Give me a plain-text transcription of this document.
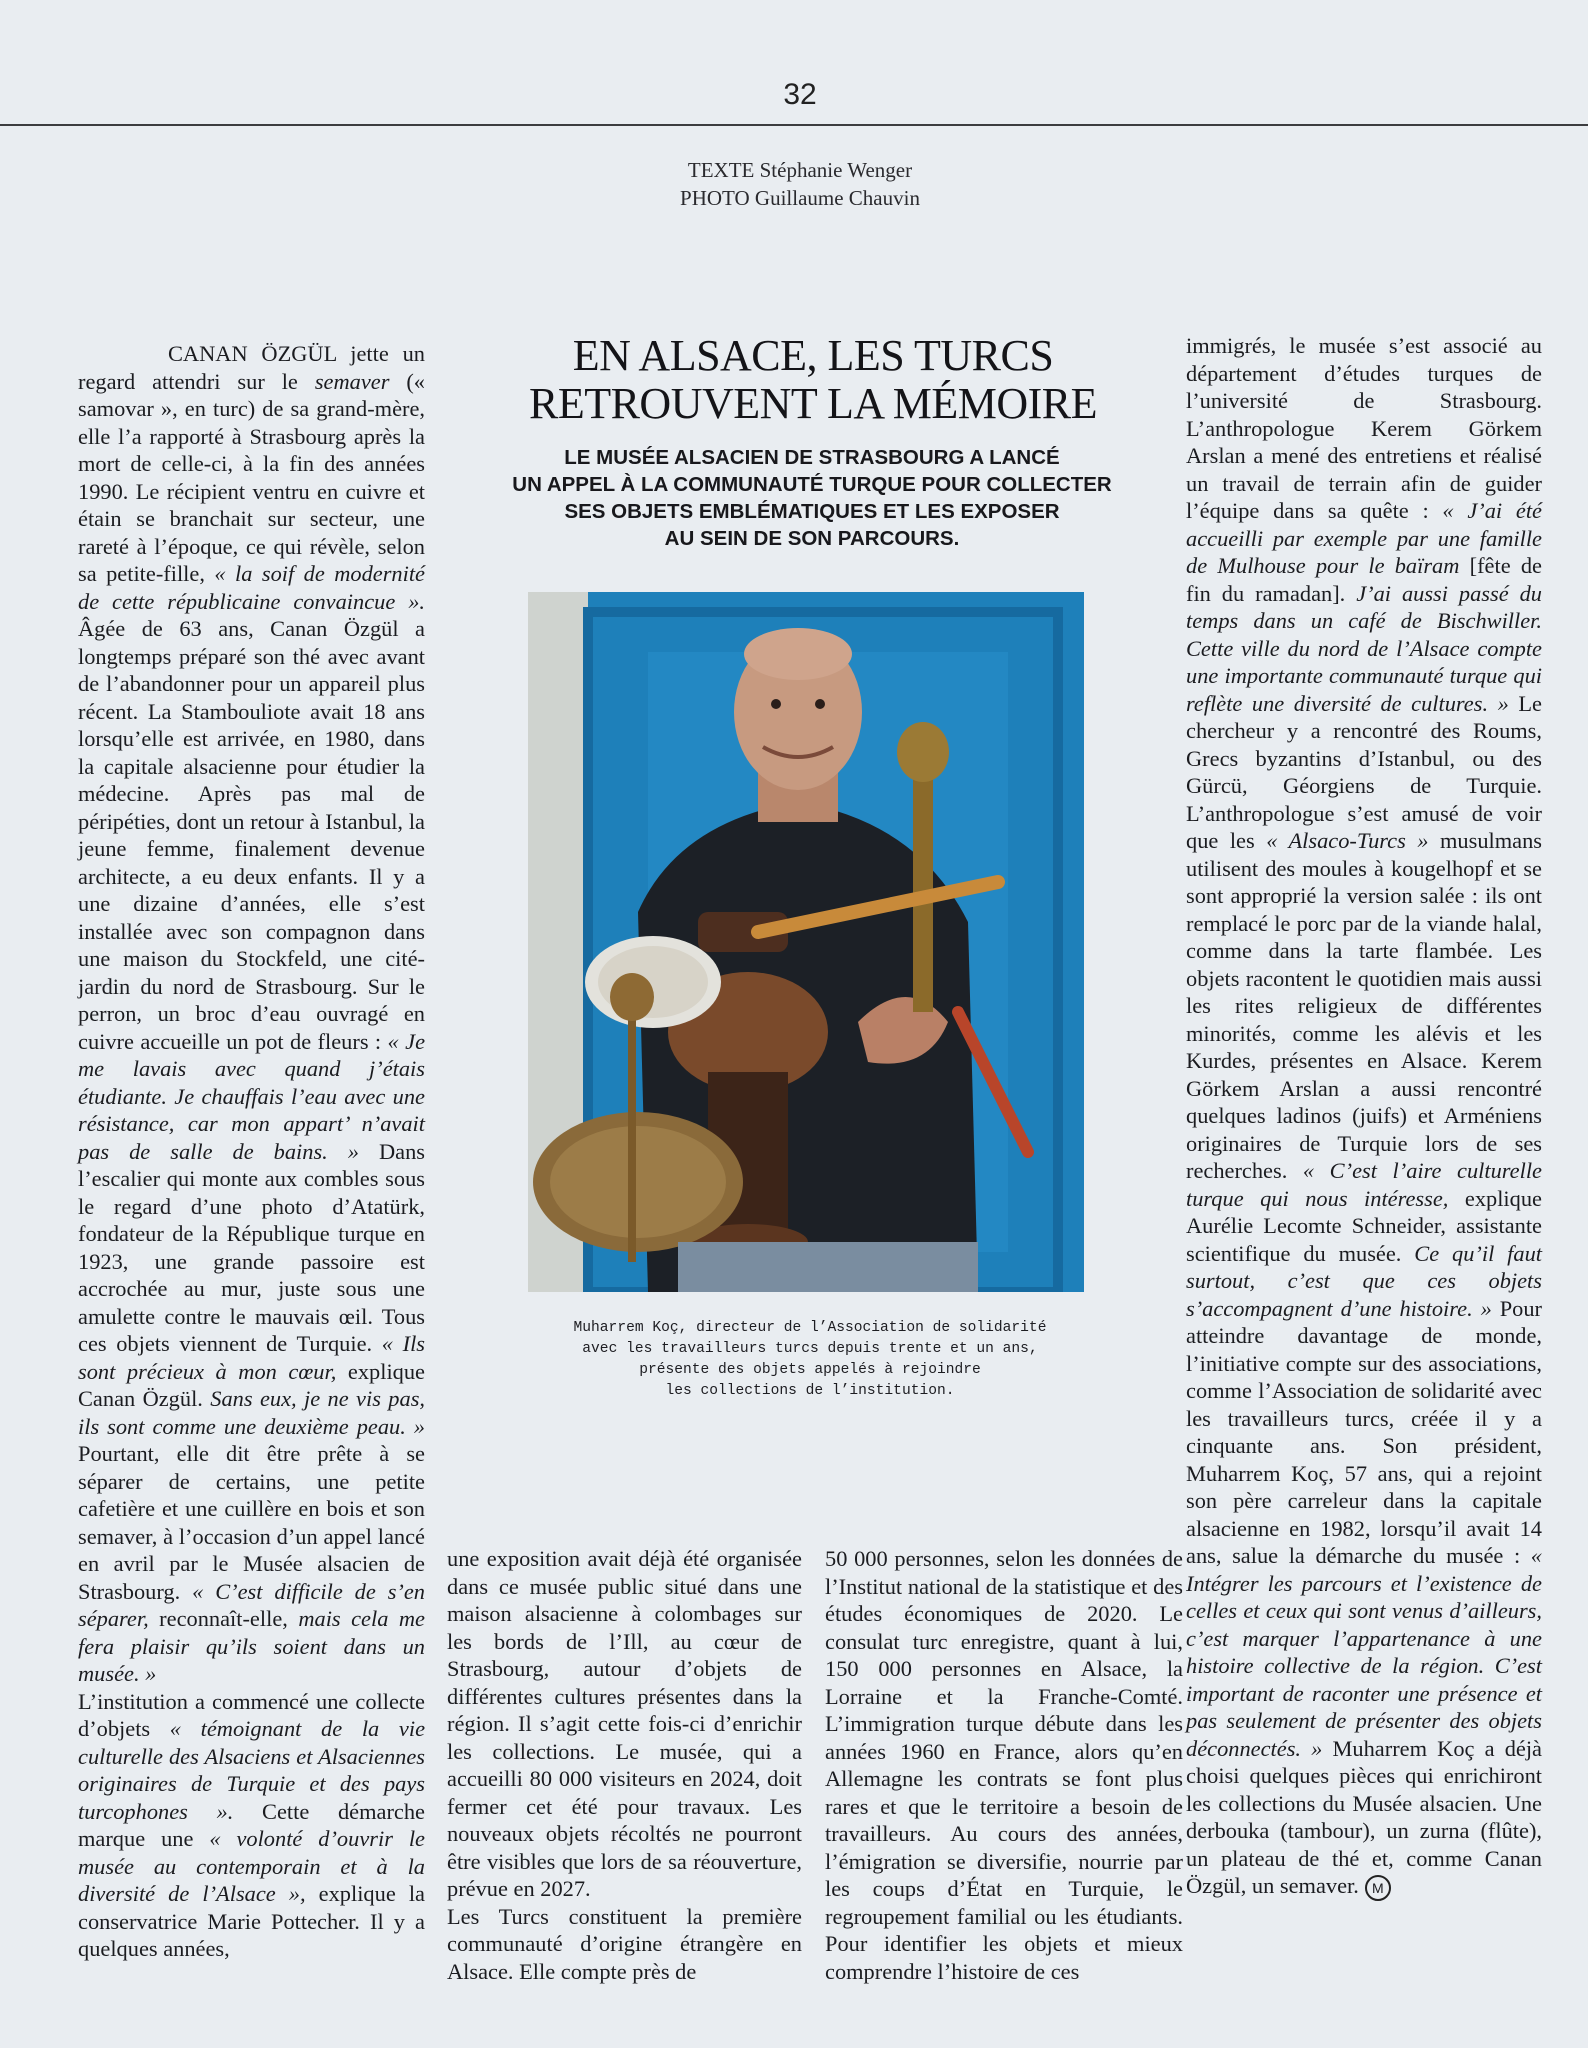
32
TEXTE Stéphanie Wenger
PHOTO Guillaume Chauvin

CANAN ÖZGÜL jette un regard attendri sur le semaver (« samovar », en turc) de sa grand-mère, elle l’a rapporté à Strasbourg après la mort de celle-ci, à la fin des années 1990. Le récipient ventru en cuivre et étain se branchait sur secteur, une rareté à l’époque, ce qui révèle, selon sa petite-fille, « la soif de modernité de cette républicaine convaincue ». Âgée de 63 ans, Canan Özgül a longtemps préparé son thé avec avant de l’abandonner pour un appareil plus récent. La Stambouliote avait 18 ans lorsqu’elle est arrivée, en 1980, dans la capitale alsacienne pour étudier la médecine. Après pas mal de péripéties, dont un retour à Istanbul, la jeune femme, finalement devenue architecte, a eu deux enfants. Il y a une dizaine d’années, elle s’est installée avec son compagnon dans une maison du Stockfeld, une cité-jardin du nord de Strasbourg. Sur le perron, un broc d’eau ouvragé en cuivre accueille un pot de fleurs : « Je me lavais avec quand j’étais étudiante. Je chauffais l’eau avec une résistance, car mon appart’ n’avait pas de salle de bains. » Dans l’escalier qui monte aux combles sous le regard d’une photo d’Atatürk, fondateur de la République turque en 1923, une grande passoire est accrochée au mur, juste sous une amulette contre le mauvais œil. Tous ces objets viennent de Turquie. « Ils sont précieux à mon cœur, explique Canan Özgül. Sans eux, je ne vis pas, ils sont comme une deuxième peau. » Pourtant, elle dit être prête à se séparer de certains, une petite cafetière et une cuillère en bois et son semaver, à l’occasion d’un appel lancé en avril par le Musée alsacien de Strasbourg. « C’est difficile de s’en séparer, reconnaît-elle, mais cela me fera plaisir qu’ils soient dans un musée. »

L’institution a commencé une collecte d’objets « témoignant de la vie culturelle des Alsaciens et Alsaciennes originaires de Turquie et des pays turcophones ». Cette démarche marque une « volonté d’ouvrir le musée au contemporain et à la diversité de l’Alsace », explique la conservatrice Marie Pottecher. Il y a quelques années,

EN ALSACE, LES TURCS
RETROUVENT LA MÉMOIRE
LE MUSÉE ALSACIEN DE STRASBOURG A LANCÉ
UN APPEL À LA COMMUNAUTÉ TURQUE POUR COLLECTER
SES OBJETS EMBLÉMATIQUES ET LES EXPOSER
AU SEIN DE SON PARCOURS.
Muharrem Koç, directeur de l’Association de solidarité
avec les travailleurs turcs depuis trente et un ans,
présente des objets appelés à rejoindre
les collections de l’institution.

une exposition avait déjà été organisée dans ce musée public situé dans une maison alsacienne à colombages sur les bords de l’Ill, au cœur de Strasbourg, autour d’objets de différentes cultures présentes dans la région. Il s’agit cette fois-ci d’enrichir les collections. Le musée, qui a accueilli 80 000 visiteurs en 2024, doit fermer cet été pour travaux. Les nouveaux objets récoltés ne pourront être visibles que lors de sa réouverture, prévue en 2027.

Les Turcs constituent la première communauté d’origine étrangère en Alsace. Elle compte près de

50 000 personnes, selon les données de l’Institut national de la statistique et des études économiques de 2020. Le consulat turc enregistre, quant à lui, 150 000 personnes en Alsace, la Lorraine et la Franche-Comté. L’immigration turque débute dans les années 1960 en France, alors qu’en Allemagne les contrats se font plus rares et que le territoire a besoin de travailleurs. Au cours des années, l’émigration se diversifie, nourrie par les coups d’État en Turquie, le regroupement familial ou les étudiants. Pour identifier les objets et mieux comprendre l’histoire de ces

immigrés, le musée s’est associé au département d’études turques de l’université de Strasbourg. L’anthropologue Kerem Görkem Arslan a mené des entretiens et réalisé un travail de terrain afin de guider l’équipe dans sa quête : « J’ai été accueilli par exemple par une famille de Mulhouse pour le baïram [fête de fin du ramadan]. J’ai aussi passé du temps dans un café de Bischwiller. Cette ville du nord de l’Alsace compte une importante communauté turque qui reflète une diversité de cultures. » Le chercheur y a rencontré des Roums, Grecs byzantins d’Istanbul, ou des Gürcü, Géorgiens de Turquie. L’anthropologue s’est amusé de voir que les « Alsaco-Turcs » musulmans utilisent des moules à kougelhopf et se sont approprié la version salée : ils ont remplacé le porc par de la viande halal, comme dans la tarte flambée. Les objets racontent le quotidien mais aussi les rites religieux de différentes minorités, comme les alévis et les Kurdes, présentes en Alsace. Kerem Görkem Arslan a aussi rencontré quelques ladinos (juifs) et Arméniens originaires de Turquie lors de ses recherches. « C’est l’aire culturelle turque qui nous intéresse, explique Aurélie Lecomte Schneider, assistante scientifique du musée. Ce qu’il faut surtout, c’est que ces objets s’accompagnent d’une histoire. » Pour atteindre davantage de monde, l’initiative compte sur des associations, comme l’Association de solidarité avec les travailleurs turcs, créée il y a cinquante ans. Son président, Muharrem Koç, 57 ans, qui a rejoint son père carreleur dans la capitale alsacienne en 1982, lorsqu’il avait 14 ans, salue la démarche du musée : « Intégrer les parcours et l’existence de celles et ceux qui sont venus d’ailleurs, c’est marquer l’appartenance à une histoire collective de la région. C’est important de raconter une présence et pas seulement de présenter des objets déconnectés. » Muharrem Koç a déjà choisi quelques pièces qui enrichiront les collections du Musée alsacien. Une derbouka (tambour), un zurna (flûte), un plateau de thé et, comme Canan Özgül, un semaver. M
